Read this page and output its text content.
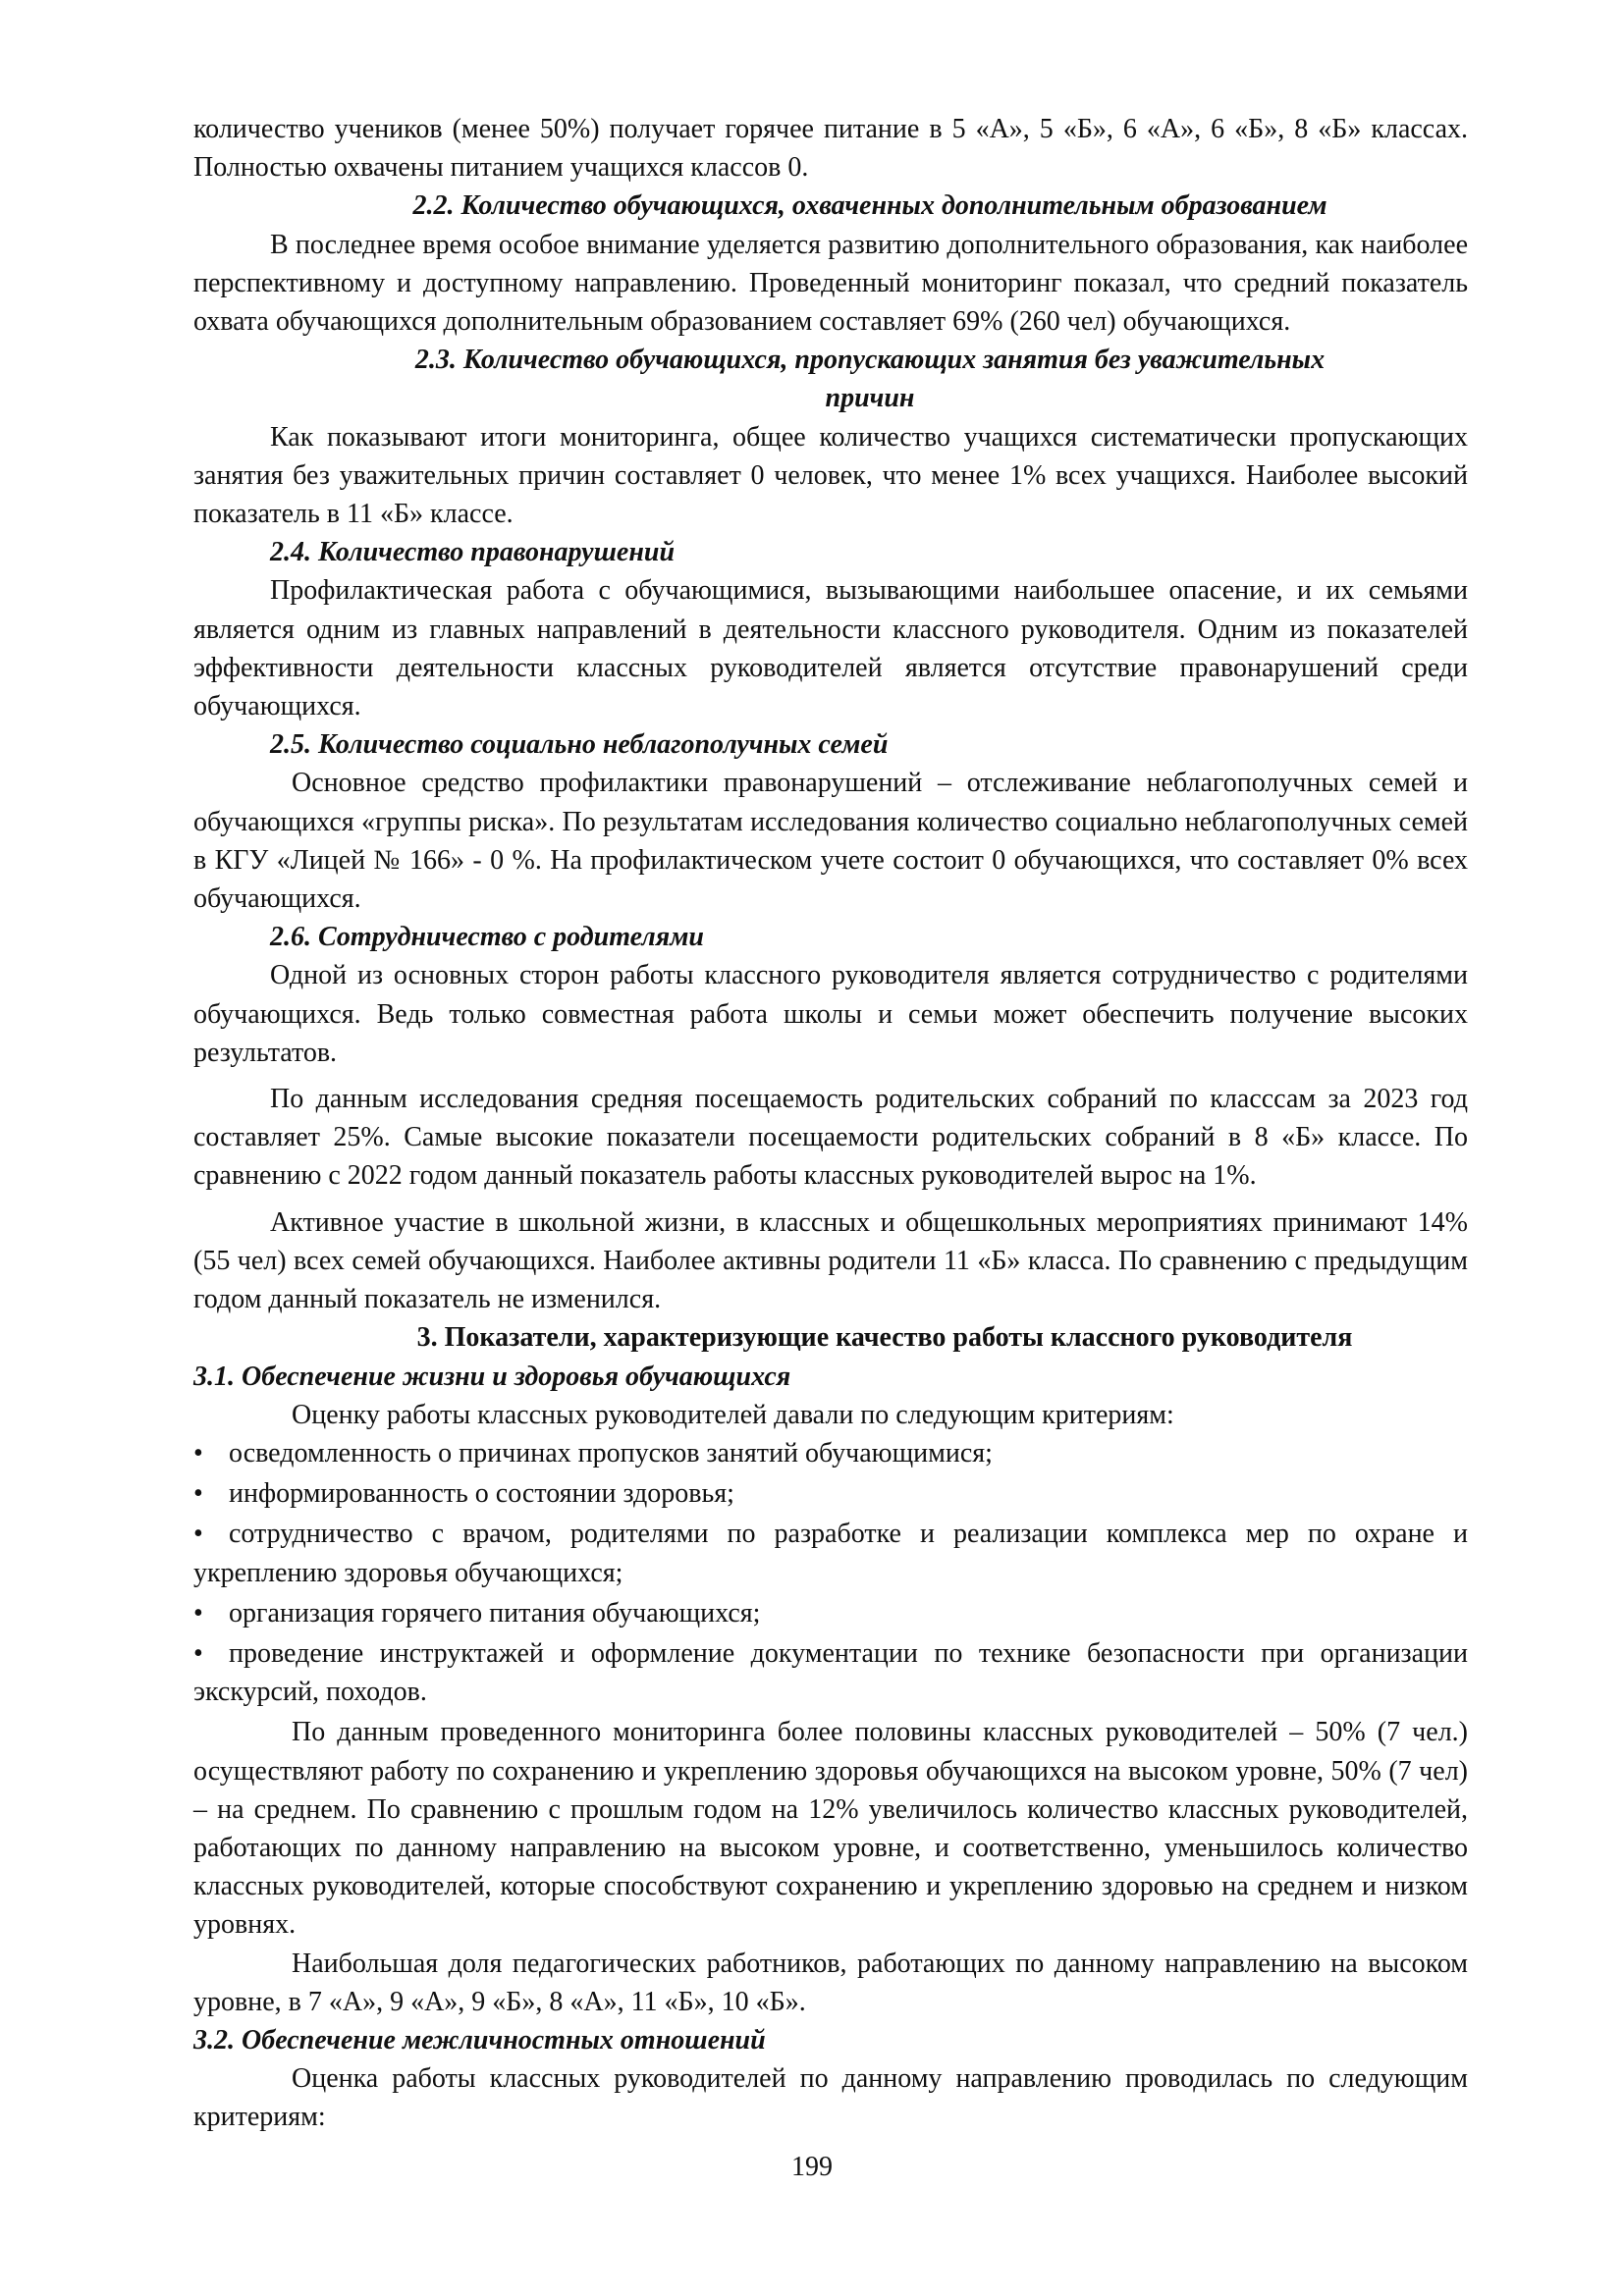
количество учеников (менее 50%) получает горячее питание в 5 «А», 5 «Б», 6 «А», 6 «Б», 8 «Б» классах. Полностью охвачены питанием учащихся классов 0.

2.2. Количество обучающихся, охваченных дополнительным образованием

В последнее время особое внимание уделяется развитию дополнительного образования, как наиболее перспективному и доступному направлению. Проведенный мониторинг показал, что средний показатель охвата обучающихся дополнительным образованием составляет 69% (260 чел) обучающихся.

2.3. Количество обучающихся, пропускающих занятия без уважительных

причин

Как показывают итоги мониторинга, общее количество учащихся систематически пропускающих занятия без уважительных причин составляет 0 человек, что менее 1% всех учащихся. Наиболее высокий показатель в 11 «Б» классе.

2.4. Количество правонарушений

Профилактическая работа с обучающимися, вызывающими наибольшее опасение, и их семьями является одним из главных направлений в деятельности классного руководителя. Одним из показателей эффективности деятельности классных руководителей является отсутствие правонарушений среди обучающихся.

2.5. Количество социально неблагополучных семей

Основное средство профилактики правонарушений – отслеживание неблагополучных семей и обучающихся «группы риска». По результатам исследования количество социально неблагополучных семей в КГУ «Лицей № 166» - 0 %. На профилактическом учете состоит 0 обучающихся, что составляет 0% всех обучающихся.

2.6. Сотрудничество с родителями

Одной из основных сторон работы классного руководителя является сотрудничество с родителями обучающихся. Ведь только совместная работа школы и семьи может обеспечить получение высоких результатов.

По данным исследования средняя посещаемость родительских собраний по класссам за 2023 год составляет 25%. Самые высокие показатели посещаемости родительских собраний в 8 «Б» классе. По сравнению с 2022 годом данный показатель работы классных руководителей вырос на 1%.

Активное участие в школьной жизни, в классных и общешкольных мероприятиях принимают 14% (55 чел) всех семей обучающихся. Наиболее активны родители 11 «Б» класса. По сравнению с предыдущим годом данный показатель не изменился.

3. Показатели, характеризующие качество работы классного руководителя

3.1. Обеспечение жизни и здоровья обучающихся

Оценку работы классных руководителей давали по следующим критериям:

• осведомленность о причинах пропусков занятий обучающимися;
• информированность о состоянии здоровья;
• сотрудничество с врачом, родителями по разработке и реализации комплекса мер по охране и укреплению здоровья обучающихся;
• организация горячего питания обучающихся;
• проведение инструктажей и оформление документации по технике безопасности при организации экскурсий, походов.

По данным проведенного мониторинга более половины классных руководителей – 50% (7 чел.) осуществляют работу по сохранению и укреплению здоровья обучающихся на высоком уровне, 50% (7 чел) – на среднем. По сравнению с прошлым годом на 12% увеличилось количество классных руководителей, работающих по данному направлению на высоком уровне, и соответственно, уменьшилось количество классных руководителей, которые способствуют сохранению и укреплению здоровью на среднем и низком уровнях.

Наибольшая доля педагогических работников, работающих по данному направлению на высоком уровне, в 7 «А», 9 «А», 9 «Б», 8 «А», 11 «Б», 10 «Б».

3.2. Обеспечение межличностных отношений

Оценка работы классных руководителей по данному направлению проводилась по следующим критериям:

199
